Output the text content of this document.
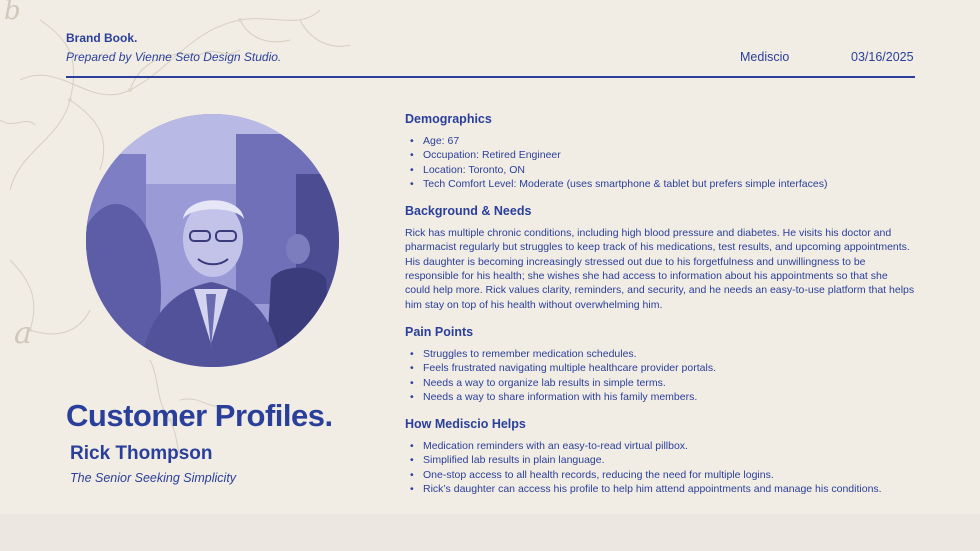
b
a
Brand Book.
Prepared by Vienne Seto Design Studio.	Mediscio	03/16/2025
Customer Profiles.
Rick Thompson
The Senior Seeking Simplicity
Demographics
• Age: 67
• Occupation: Retired Engineer
• Location: Toronto, ON
• Tech Comfort Level: Moderate (uses smartphone & tablet but prefers simple interfaces)
Background & Needs

Rick has multiple chronic conditions, including high blood pressure and diabetes. He visits his doctor and pharmacist regularly but struggles to keep track of his medications, test results, and upcoming appointments. His daughter is becoming increasingly stressed out due to his forgetfulness and unwillingness to be responsible for his health; she wishes she had access to information about his appointments so that she could help more. Rick values clarity, reminders, and security, and he needs an easy-to-use platform that helps him stay on top of his health without overwhelming him.

Pain Points
• Struggles to remember medication schedules.
• Feels frustrated navigating multiple healthcare provider portals.
• Needs a way to organize lab results in simple terms.
• Needs a way to share information with his family members.
How Mediscio Helps
• Medication reminders with an easy-to-read virtual pillbox.
• Simplified lab results in plain language.
• One-stop access to all health records, reducing the need for multiple logins.
• Rick’s daughter can access his profile to help him attend appointments and manage his conditions.
